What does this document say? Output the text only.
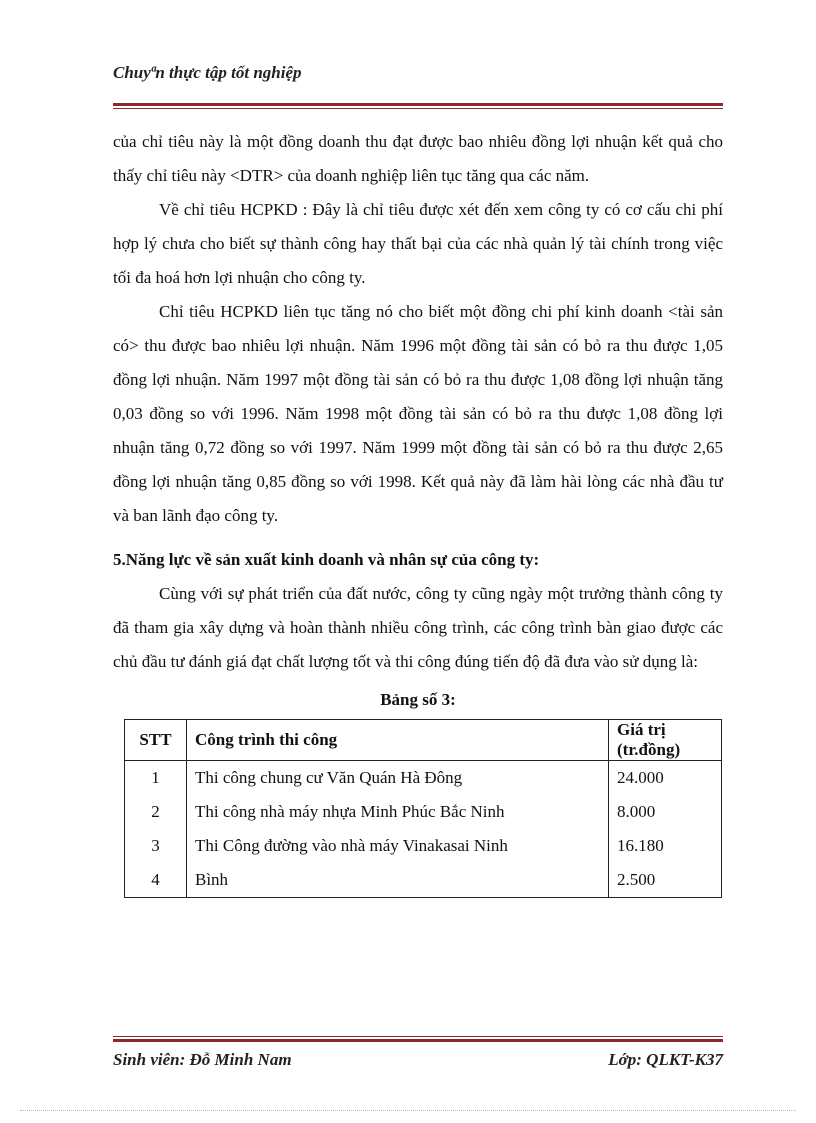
Chuyªn thực tập tốt nghiệp

của chỉ tiêu này là một đồng doanh thu đạt được bao nhiêu đồng lợi nhuận kết quả cho thấy chỉ tiêu này <DTR> của doanh nghiệp liên tục tăng qua các năm.

Về chỉ tiêu HCPKD : Đây là chỉ tiêu được xét đến xem công ty có cơ cấu chi phí hợp lý chưa cho biết sự thành công hay thất bại của các nhà quản lý tài chính trong việc tối đa hoá hơn lợi nhuận cho công ty.

Chỉ tiêu HCPKD liên tục tăng nó cho biết một đồng chi phí kinh doanh <tài sản có> thu được bao nhiêu lợi nhuận. Năm 1996 một đồng tài sản có bỏ ra thu được 1,05 đồng lợi nhuận. Năm 1997 một đồng tài sản có bỏ ra thu được 1,08 đồng lợi nhuận tăng 0,03 đồng so với 1996. Năm 1998 một đồng tài sản có bỏ ra thu được 1,08 đồng lợi nhuận tăng 0,72 đồng so với 1997. Năm 1999 một đồng tài sản có bỏ ra thu được 2,65 đồng lợi nhuận tăng 0,85 đồng so với 1998. Kết quả này đã làm hài lòng các nhà đầu tư và ban lãnh đạo công ty.

5.Năng lực về sản xuất kinh doanh và nhân sự của công ty:

Cùng với sự phát triển của đất nước, công ty cũng ngày một trưởng thành công ty đã tham gia xây dựng và hoàn thành nhiều công trình, các công trình bàn giao được các chủ đầu tư đánh giá đạt chất lượng tốt và thi công đúng tiến độ đã đưa vào sử dụng là:

Bảng số 3:

STT	Công trình thi công	Giá trị (tr.đồng)
1	Thi công chung cư Văn Quán Hà Đông	24.000
2	Thi công nhà máy nhựa Minh Phúc Bắc Ninh	8.000
3	Thi Công đường vào nhà máy Vinakasai Ninh	16.180
4	Bình	2.500
Sinh viên: Đỗ Minh Nam	Lớp: QLKT-K37
